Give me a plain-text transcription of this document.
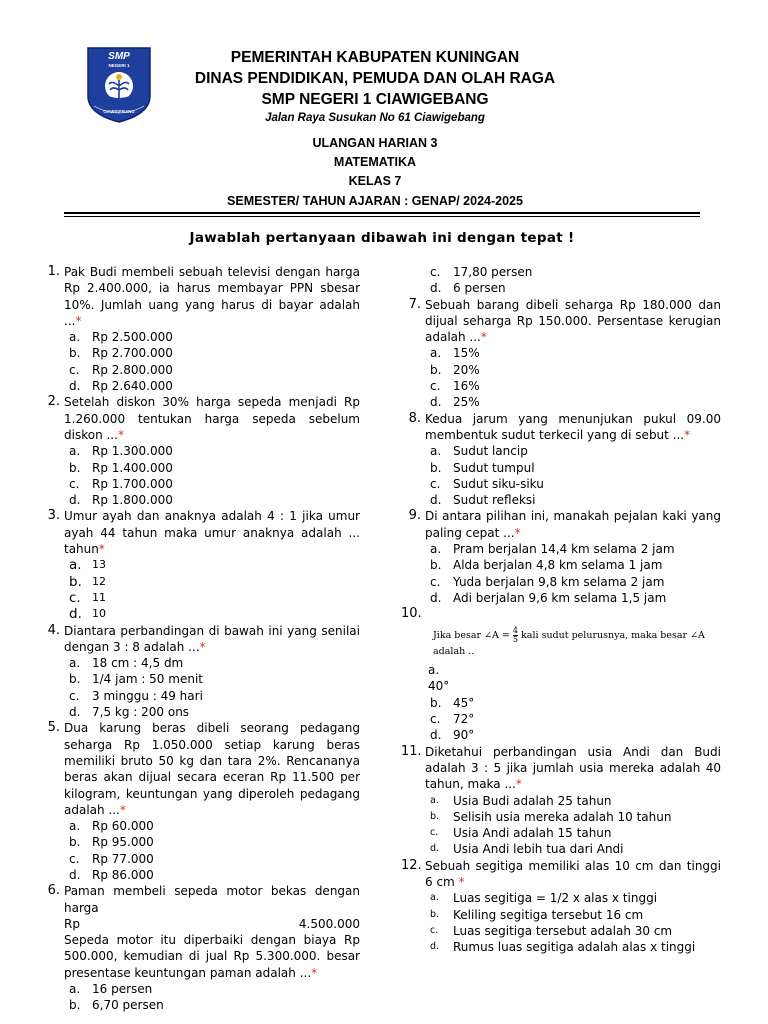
SMP
NEGERI 1
CIAWIGEBANG
PEMERINTAH KABUPATEN KUNINGAN
DINAS PENDIDIKAN, PEMUDA DAN OLAH RAGA
SMP NEGERI 1 CIAWIGEBANG
Jalan Raya Susukan No 61 Ciawigebang
ULANGAN HARIAN 3
MATEMATIKA
KELAS 7
SEMESTER/ TAHUN AJARAN : GENAP/ 2024-2025
Jawablah pertanyaan dibawah ini dengan tepat !
1. Pak Budi membeli sebuah televisi dengan harga Rp 2.400.000, ia harus membayar PPN sbesar 10%. Jumlah uang yang harus di bayar adalah ...*
a. Rp 2.500.000
b. Rp 2.700.000
c.	Rp 2.800.000
d. Rp 2.640.000
2. Setelah diskon 30% harga sepeda menjadi Rp 1.260.000 tentukan harga sepeda sebelum diskon ...*
a. Rp 1.300.000
b. Rp 1.400.000
c.	Rp 1.700.000
d. Rp 1.800.000
3. Umur ayah dan anaknya adalah 4 : 1 jika umur ayah 44 tahun maka umur anaknya adalah ... tahun*
a. 13
b. 12
c.	11
d. 10
4. Diantara perbandingan di bawah ini yang senilai dengan 3 : 8 adalah ...*
a. 18 cm : 4,5 dm
b. 1/4 jam : 50 menit
c.	3 minggu : 49 hari
d. 7,5 kg : 200 ons
5. Dua karung beras dibeli seorang pedagang seharga Rp 1.050.000 setiap karung beras memiliki bruto 50 kg dan tara 2%. Rencananya beras akan dijual secara eceran Rp 11.500 per kilogram, keuntungan yang diperoleh pedagang adalah ...*
a. Rp 60.000
b. Rp 95.000
c.	Rp 77.000
d. Rp 86.000
6. Paman membeli sepeda motor bekas dengan harga
Rp	4.500.000
Sepeda motor itu diperbaiki dengan biaya Rp 500.000, kemudian di jual Rp 5.300.000. besar presentase keuntungan paman adalah ...*
a. 16 persen
b. 6,70 persen
c.	17,80 persen
d. 6 persen
7. Sebuah barang dibeli seharga Rp 180.000 dan dijual seharga Rp 150.000. Persentase kerugian adalah ...*
a. 15%
b. 20%
c.	16%
d. 25%
8. Kedua jarum yang menunjukan pukul 09.00 membentuk sudut terkecil yang di sebut ...*
a. Sudut lancip
b. Sudut tumpul
c.	Sudut siku-siku
d. Sudut refleksi
9. Di antara pilihan ini, manakah pejalan kaki yang paling cepat ...*
a. Pram berjalan 14,4 km selama 2 jam
b. Alda berjalan 4,8 km selama 1 jam
c.	Yuda berjalan 9,8 km selama 2 jam
d. Adi berjalan 9,6 km selama 1,5 jam
10.
Jika besar ∠A = $\frac{4}{5}$ kali sudut pelurusnya, maka besar ∠A adalah ..
a.
40°
b. 45°
c.	72°
d. 90°
11. Diketahui perbandingan usia Andi dan Budi adalah 3 : 5 jika jumlah usia mereka adalah 40 tahun, maka ...*
a.	Usia Budi adalah 25 tahun
b.	Selisih usia mereka adalah 10 tahun
c.	Usia Andi adalah 15 tahun
d.	Usia Andi lebih tua dari Andi
12. Sebuah segitiga memiliki alas 10 cm dan tinggi 6 cm *
a.	Luas segitiga = 1/2 x alas x tinggi
b.	Keliling segitiga tersebut 16 cm
c.	Luas segitiga tersebut adalah 30 cm
d.	Rumus luas segitiga adalah alas x tinggi
